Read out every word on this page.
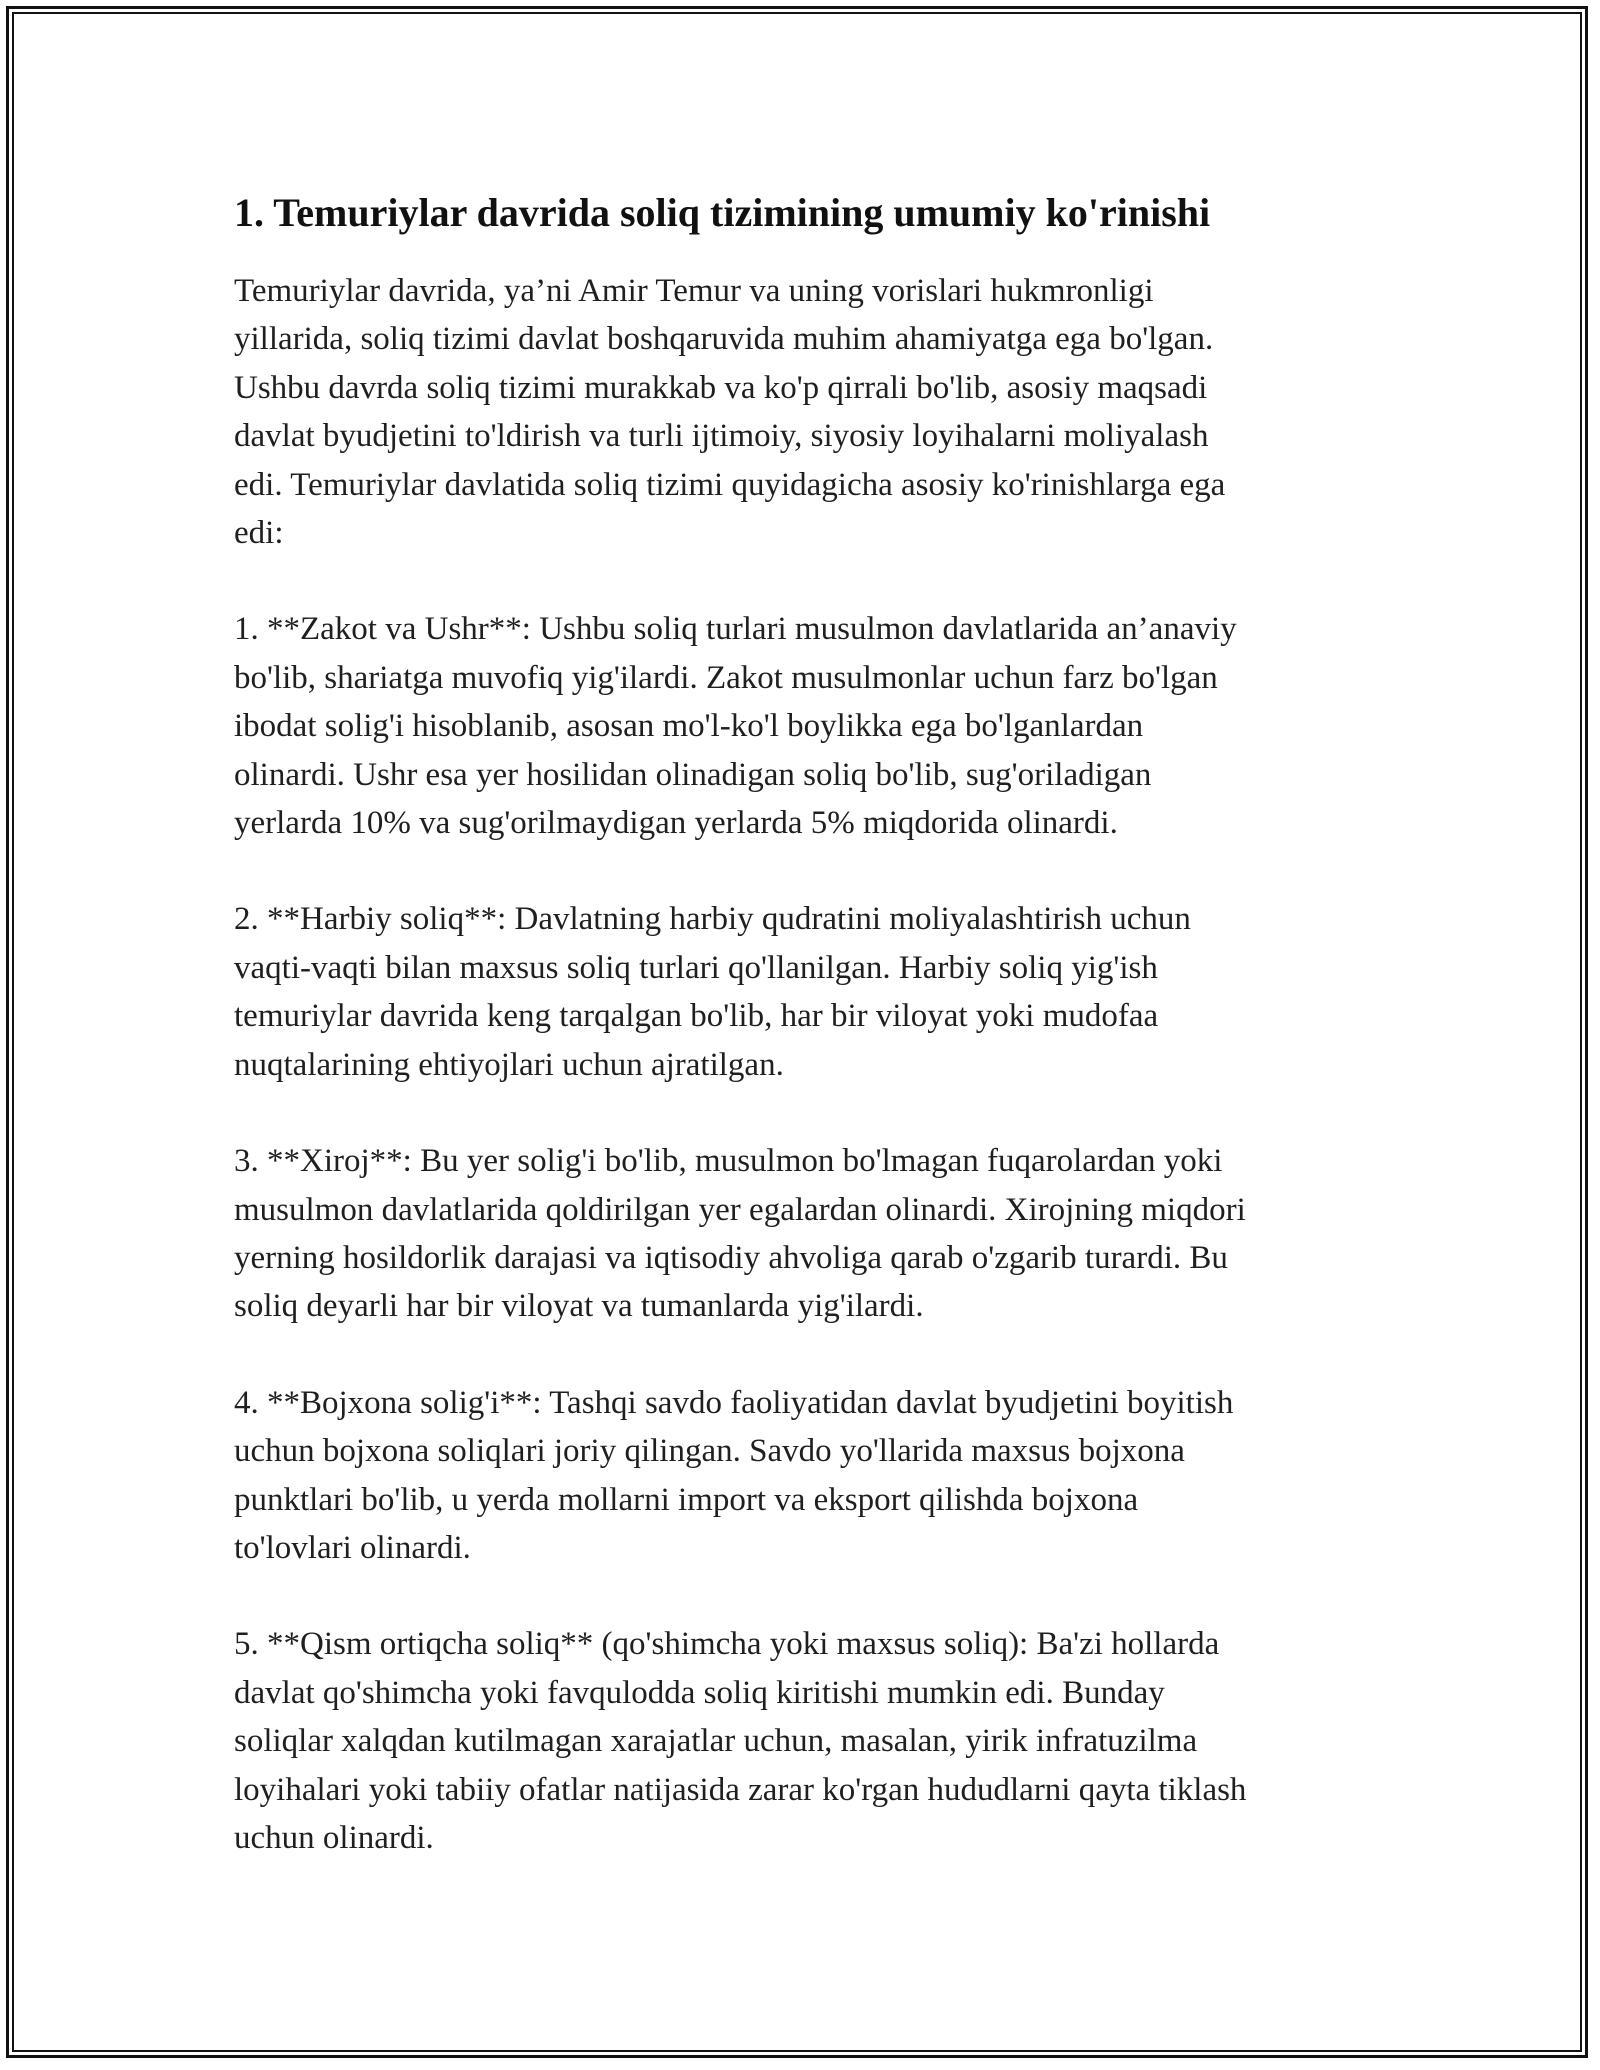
1. Temuriylar davrida soliq tizimining umumiy ko'rinishi

Temuriylar davrida, ya’ni Amir Temur va uning vorislari hukmronligi
yillarida, soliq tizimi davlat boshqaruvida muhim ahamiyatga ega bo'lgan.
Ushbu davrda soliq tizimi murakkab va ko'p qirrali bo'lib, asosiy maqsadi
davlat byudjetini to'ldirish va turli ijtimoiy, siyosiy loyihalarni moliyalash
edi. Temuriylar davlatida soliq tizimi quyidagicha asosiy ko'rinishlarga ega
edi:

1. **Zakot va Ushr**: Ushbu soliq turlari musulmon davlatlarida an’anaviy
bo'lib, shariatga muvofiq yig'ilardi. Zakot musulmonlar uchun farz bo'lgan
ibodat solig'i hisoblanib, asosan mo'l-ko'l boylikka ega bo'lganlardan
olinardi. Ushr esa yer hosilidan olinadigan soliq bo'lib, sug'oriladigan
yerlarda 10% va sug'orilmaydigan yerlarda 5% miqdorida olinardi.

2. **Harbiy soliq**: Davlatning harbiy qudratini moliyalashtirish uchun
vaqti-vaqti bilan maxsus soliq turlari qo'llanilgan. Harbiy soliq yig'ish
temuriylar davrida keng tarqalgan bo'lib, har bir viloyat yoki mudofaa
nuqtalarining ehtiyojlari uchun ajratilgan.

3. **Xiroj**: Bu yer solig'i bo'lib, musulmon bo'lmagan fuqarolardan yoki
musulmon davlatlarida qoldirilgan yer egalardan olinardi. Xirojning miqdori
yerning hosildorlik darajasi va iqtisodiy ahvoliga qarab o'zgarib turardi. Bu
soliq deyarli har bir viloyat va tumanlarda yig'ilardi.

4. **Bojxona solig'i**: Tashqi savdo faoliyatidan davlat byudjetini boyitish
uchun bojxona soliqlari joriy qilingan. Savdo yo'llarida maxsus bojxona
punktlari bo'lib, u yerda mollarni import va eksport qilishda bojxona
to'lovlari olinardi.

5. **Qism ortiqcha soliq** (qo'shimcha yoki maxsus soliq): Ba'zi hollarda
davlat qo'shimcha yoki favqulodda soliq kiritishi mumkin edi. Bunday
soliqlar xalqdan kutilmagan xarajatlar uchun, masalan, yirik infratuzilma
loyihalari yoki tabiiy ofatlar natijasida zarar ko'rgan hududlarni qayta tiklash
uchun olinardi.
